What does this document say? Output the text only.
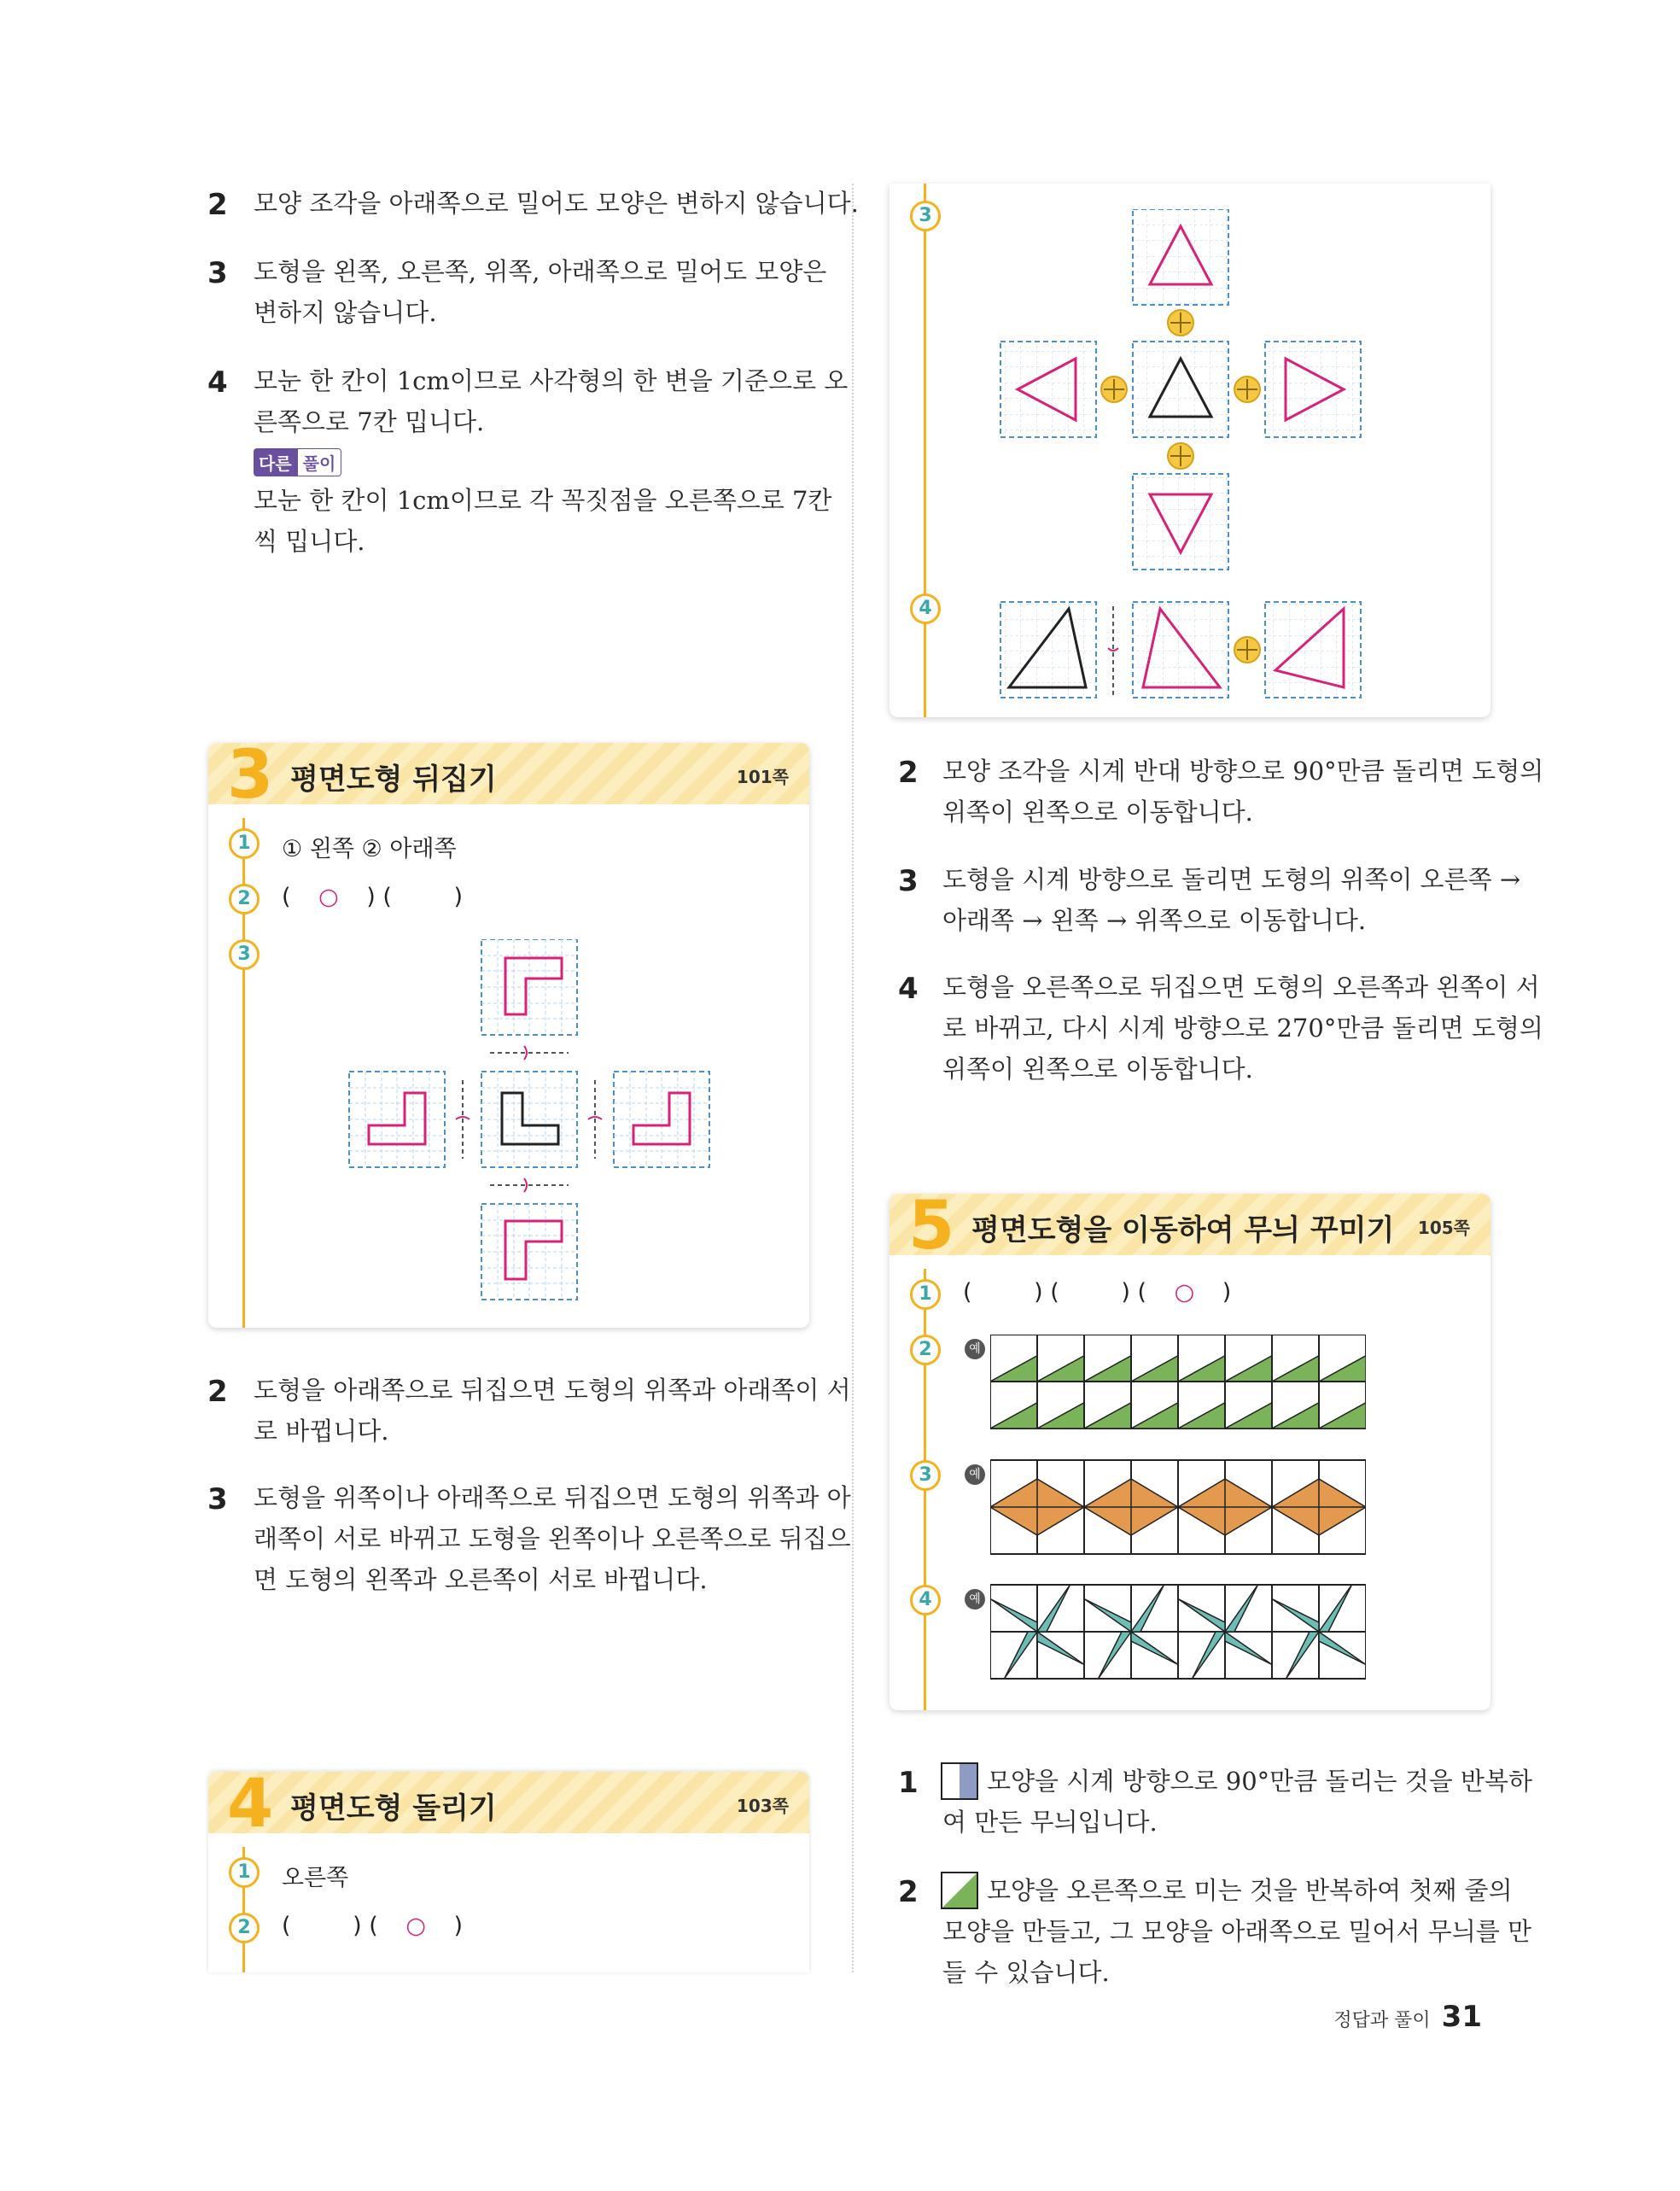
2 모양 조각을 아래쪽으로 밀어도 모양은 변하지 않습니다.
3 도형을 왼쪽, 오른쪽, 위쪽, 아래쪽으로 밀어도 모양은
변하지 않습니다.
4 모눈 한 칸이 1cm이므로 사각형의 한 변을 기준으로 오
른쪽으로 7칸 밉니다.
다른 풀이
모눈 한 칸이 1cm이므로 각 꼭짓점을 오른쪽으로 7칸
씩 밉니다.
3 평면도형 뒤집기	101쪽
1	① 왼쪽 ② 아래쪽
2	( ○ ) (	)
3
2 도형을 아래쪽으로 뒤집으면 도형의 위쪽과 아래쪽이 서
로 바뀝니다.
3 도형을 위쪽이나 아래쪽으로 뒤집으면 도형의 위쪽과 아
래쪽이 서로 바뀌고 도형을 왼쪽이나 오른쪽으로 뒤집으
면 도형의 왼쪽과 오른쪽이 서로 바뀝니다.
4 평면도형 돌리기	103쪽
1	오른쪽
2	(	) ( ○ )
3
4
2 모양 조각을 시계 반대 방향으로 90°만큼 돌리면 도형의
위쪽이 왼쪽으로 이동합니다.
3 도형을 시계 방향으로 돌리면 도형의 위쪽이 오른쪽 →
아래쪽 → 왼쪽 → 위쪽으로 이동합니다.
4 도형을 오른쪽으로 뒤집으면 도형의 오른쪽과 왼쪽이 서
로 바뀌고, 다시 시계 방향으로 270°만큼 돌리면 도형의
위쪽이 왼쪽으로 이동합니다.
5 평면도형을 이동하여 무늬 꾸미기 105쪽
1	(	) (	) ( ○ )
2	예
3	예
4	예
1	모양을 시계 방향으로 90°만큼 돌리는 것을 반복하
여 만든 무늬입니다.
2	모양을 오른쪽으로 미는 것을 반복하여 첫째 줄의
모양을 만들고, 그 모양을 아래쪽으로 밀어서 무늬를 만
들 수 있습니다.
정답과 풀이 31
